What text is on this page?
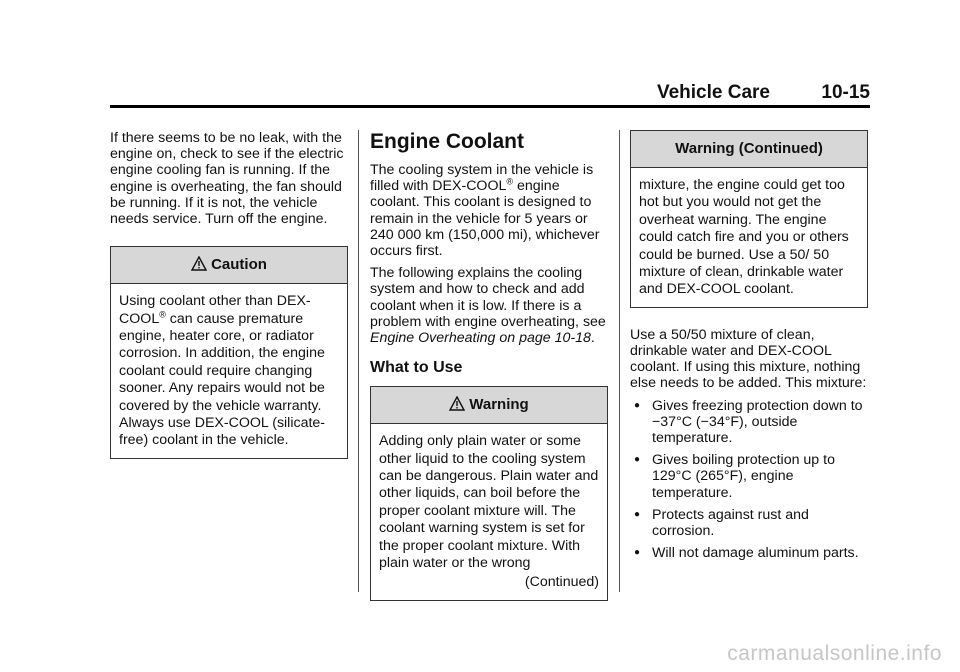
Vehicle Care	10-15

If there seems to be no leak, with the engine on, check to see if the electric engine cooling fan is running. If the engine is overheating, the fan should be running. If it is not, the vehicle needs service. Turn off the engine.

Caution

Using coolant other than DEX-COOL® can cause premature engine, heater core, or radiator corrosion. In addition, the engine coolant could require changing sooner. Any repairs would not be covered by the vehicle warranty. Always use DEX-COOL (silicate-free) coolant in the vehicle.

Engine Coolant

The cooling system in the vehicle is filled with DEX-COOL® engine coolant. This coolant is designed to remain in the vehicle for 5 years or 240 000 km (150,000 mi), whichever occurs first.

The following explains the cooling system and how to check and add coolant when it is low. If there is a problem with engine overheating, see Engine Overheating on page 10-18.

What to Use
Warning

Adding only plain water or some other liquid to the cooling system can be dangerous. Plain water and other liquids, can boil before the proper coolant mixture will. The coolant warning system is set for the proper coolant mixture. With plain water or the wrong

(Continued)
Warning (Continued)

mixture, the engine could get too hot but you would not get the overheat warning. The engine could catch fire and you or others could be burned. Use a 50/ 50 mixture of clean, drinkable water and DEX-COOL coolant.

Use a 50/50 mixture of clean, drinkable water and DEX-COOL coolant. If using this mixture, nothing else needs to be added. This mixture:

● Gives freezing protection down to −37°C (−34°F), outside temperature.
● Gives boiling protection up to 129°C (265°F), engine temperature.
● Protects against rust and corrosion.
● Will not damage aluminum parts.
carmanualsonline.info
